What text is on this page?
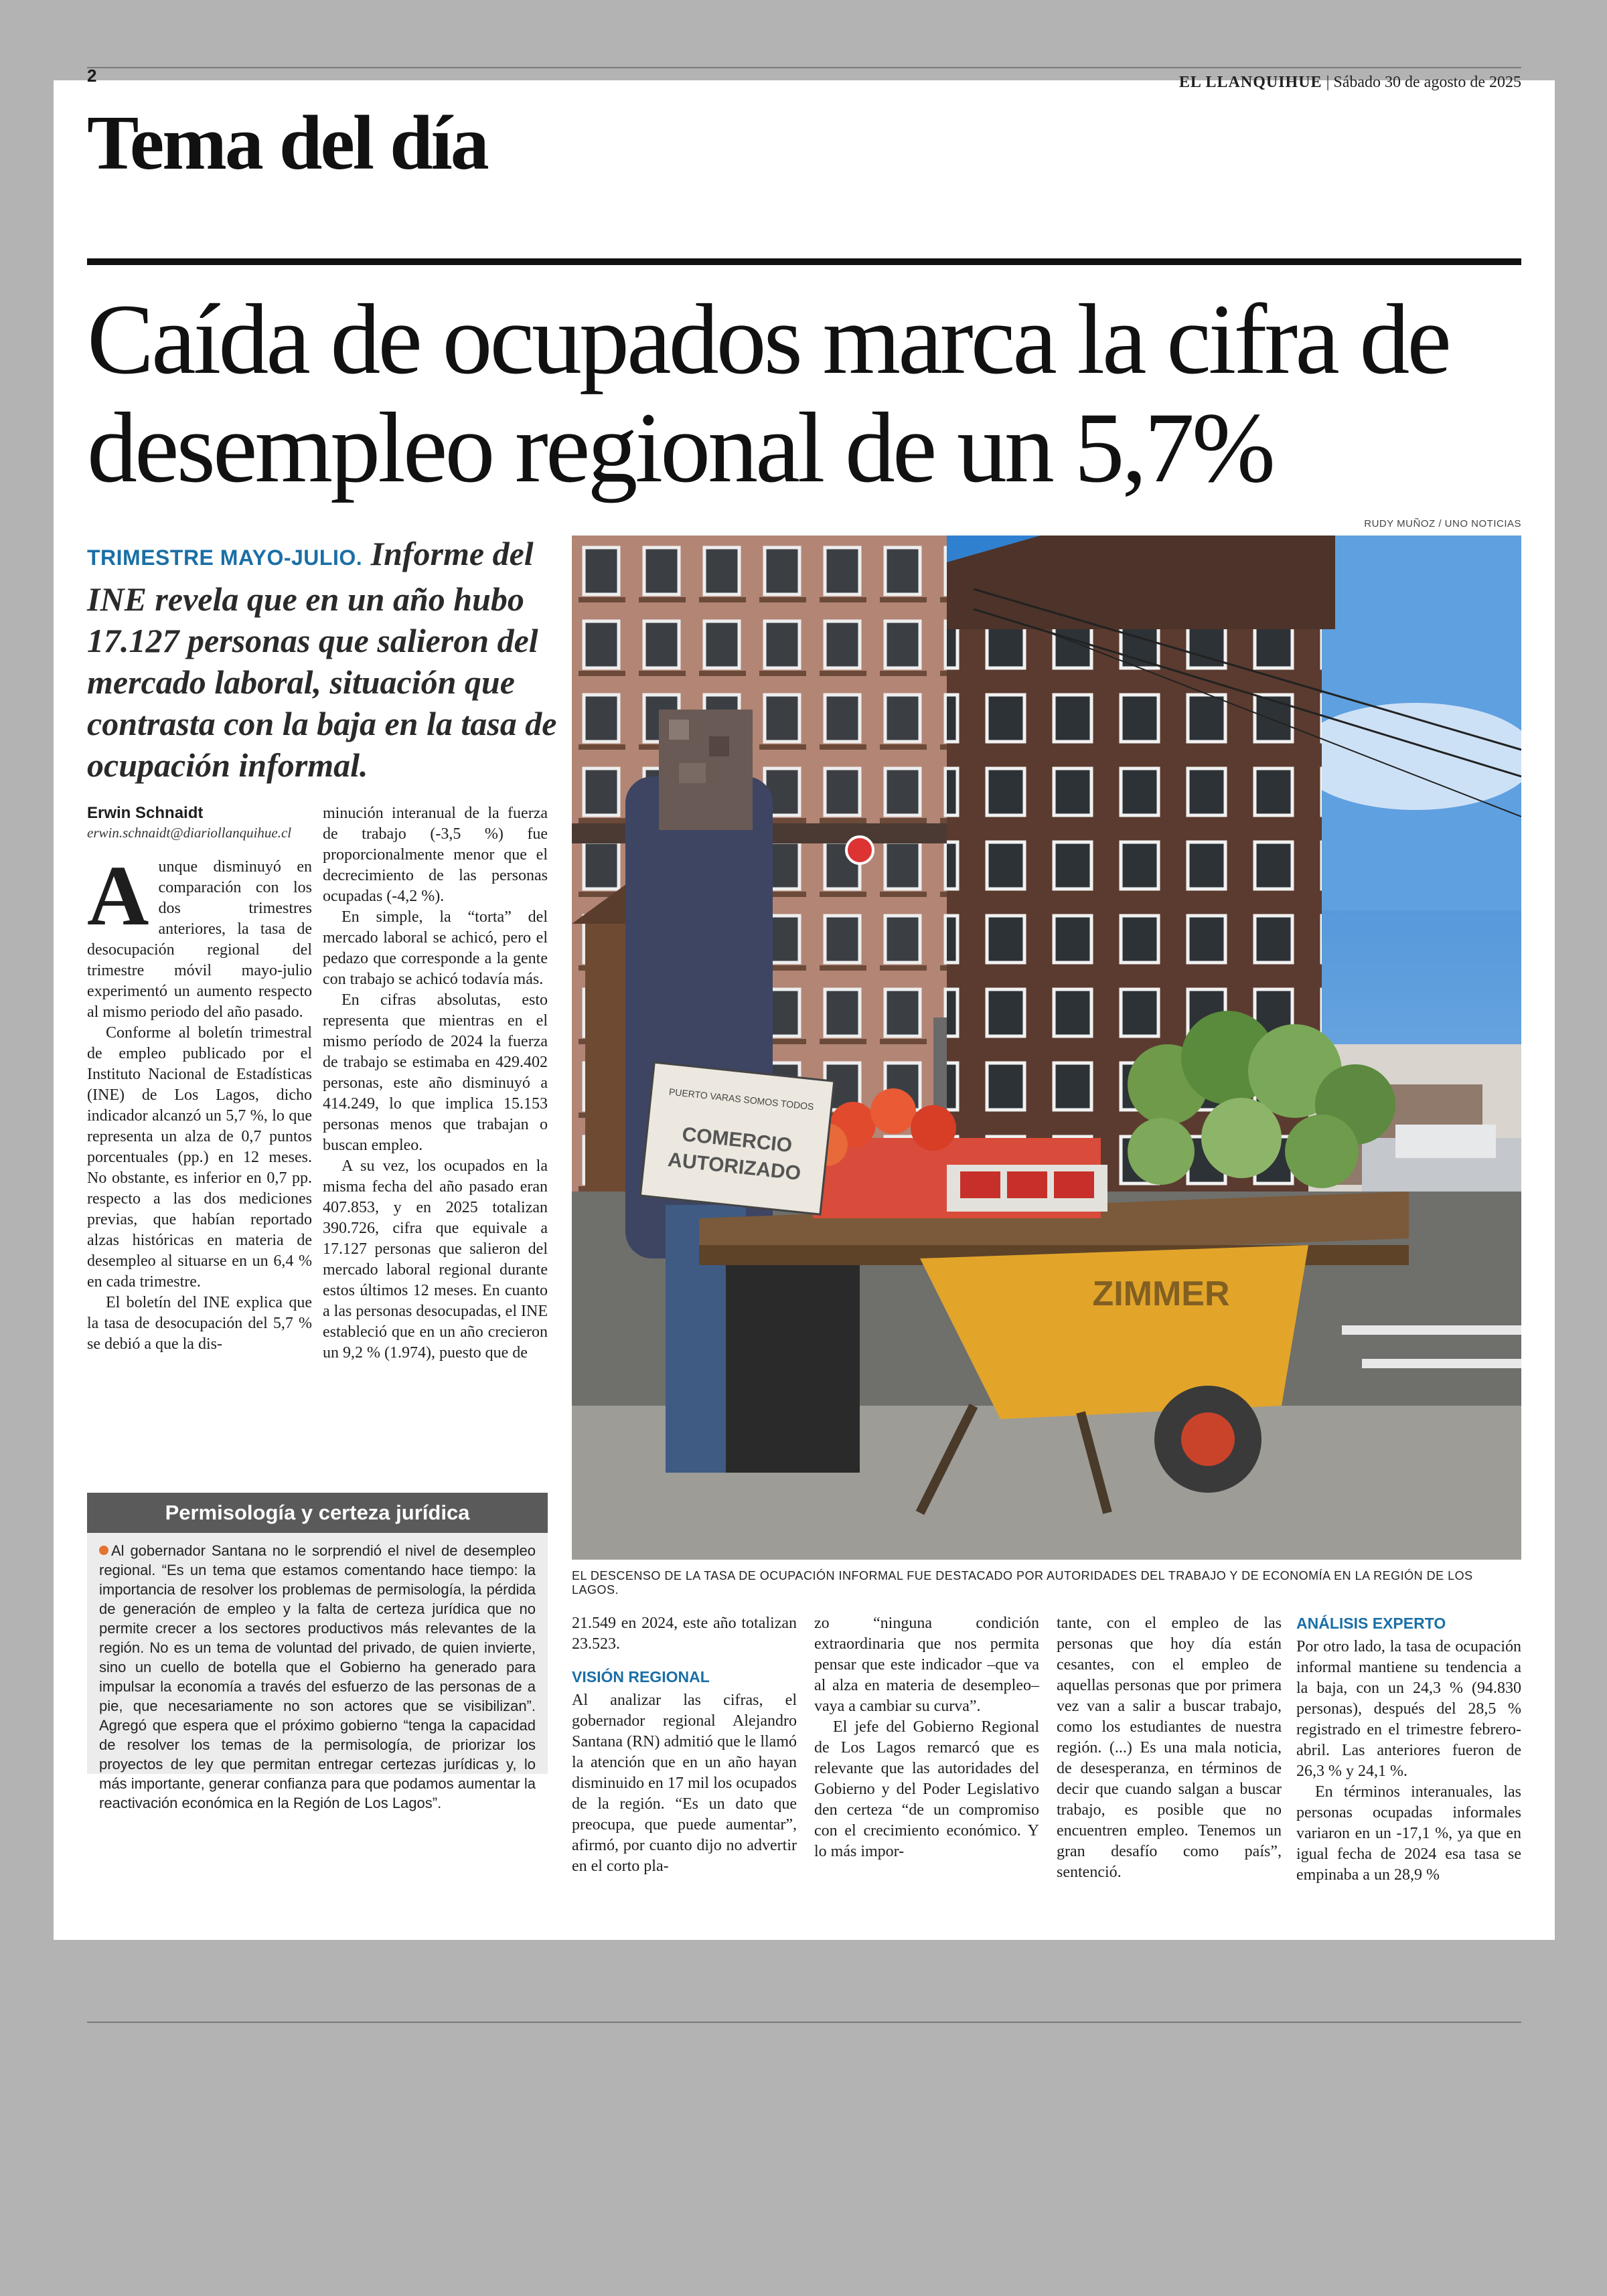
2	EL LLANQUIHUE | Sábado 30 de agosto de 2025
Tema del día
Caída de ocupados marca la cifra de desempleo regional de un 5,7%
RUDY MUÑOZ / UNO NOTICIAS
TRIMESTRE MAYO-JULIO. Informe del INE revela que en un año hubo 17.127 personas que salieron del mercado laboral, situación que contrasta con la baja en la tasa de ocupación informal.
Erwin Schnaidt
erwin.schnaidt@diariollanquihue.cl

Aunque disminuyó en comparación con los dos trimestres anteriores, la tasa de desocupación regional del trimestre móvil mayo-julio experimentó un aumento respecto al mismo periodo del año pasado.

Conforme al boletín trimestral de empleo publicado por el Instituto Nacional de Estadísticas (INE) de Los Lagos, dicho indicador alcanzó un 5,7 %, lo que representa un alza de 0,7 puntos porcentuales (pp.) en 12 meses. No obstante, es inferior en 0,7 pp. respecto a las dos mediciones previas, que habían reportado alzas históricas en materia de desempleo al situarse en un 6,4 % en cada trimestre.

El boletín del INE explica que la tasa de desocupación del 5,7 % se debió a que la dis-

minución interanual de la fuerza de trabajo (-3,5 %) fue proporcionalmente menor que el decrecimiento de las personas ocupadas (-4,2 %).

En simple, la “torta” del mercado laboral se achicó, pero el pedazo que corresponde a la gente con trabajo se achicó todavía más.

En cifras absolutas, esto representa que mientras en el mismo período de 2024 la fuerza de trabajo se estimaba en 429.402 personas, este año disminuyó a 414.249, lo que implica 15.153 personas menos que trabajan o buscan empleo.

A su vez, los ocupados en la misma fecha del año pasado eran 407.853, y en 2025 totalizan 390.726, cifra que equivale a 17.127 personas que salieron del mercado laboral regional durante estos últimos 12 meses. En cuanto a las personas desocupadas, el INE estableció que en un año crecieron un 9,2 % (1.974), puesto que de

Permisología y certeza jurídica
Al gobernador Santana no le sorprendió el nivel de desempleo regional. “Es un tema que estamos comentando hace tiempo: la importancia de resolver los problemas de permisología, la pérdida de generación de empleo y la falta de certeza jurídica que no permite crecer a los sectores productivos más relevantes de la región. No es un tema de voluntad del privado, de quien invierte, sino un cuello de botella que el Gobierno ha generado para impulsar la economía a través del esfuerzo de las personas de a pie, que necesariamente no son actores que se visibilizan”. Agregó que espera que el próximo gobierno “tenga la capacidad de resolver los temas de la permisología, de priorizar los proyectos de ley que permitan entregar certezas jurídicas y, lo más importante, generar confianza para que podamos aumentar la reactivación económica en la Región de Los Lagos”.
PUERTO VARAS SOMOS TODOS
COMERCIO
AUTORIZADO
ZIMMER
EL DESCENSO DE LA TASA DE OCUPACIÓN INFORMAL FUE DESTACADO POR AUTORIDADES DEL TRABAJO Y DE ECONOMÍA EN LA REGIÓN DE LOS LAGOS.

21.549 en 2024, este año totalizan 23.523.

VISIÓN REGIONAL

Al analizar las cifras, el gobernador regional Alejandro Santana (RN) admitió que le llamó la atención que en un año hayan disminuido en 17 mil los ocupados de la región. “Es un dato que preocupa, que puede aumentar”, afirmó, por cuanto dijo no advertir en el corto pla-

zo “ninguna condición extraordinaria que nos permita pensar que este indicador –que va al alza en materia de desempleo– vaya a cambiar su curva”.

El jefe del Gobierno Regional de Los Lagos remarcó que es relevante que las autoridades del Gobierno y del Poder Legislativo den certeza “de un compromiso con el crecimiento económico. Y lo más impor-

tante, con el empleo de las personas que hoy día están cesantes, con el empleo de aquellas personas que por primera vez van a salir a buscar trabajo, como los estudiantes de nuestra región. (...) Es una mala noticia, de desesperanza, en términos de decir que cuando salgan a buscar trabajo, es posible que no encuentren empleo. Tenemos un gran desafío como país”, sentenció.

ANÁLISIS EXPERTO

Por otro lado, la tasa de ocupación informal mantiene su tendencia a la baja, con un 24,3 % (94.830 personas), después del 28,5 % registrado en el trimestre febrero-abril. Las anteriores fueron de 26,3 % y 24,1 %.

En términos interanuales, las personas ocupadas informales variaron en un -17,1 %, ya que en igual fecha de 2024 esa tasa se empinaba a un 28,9 %
